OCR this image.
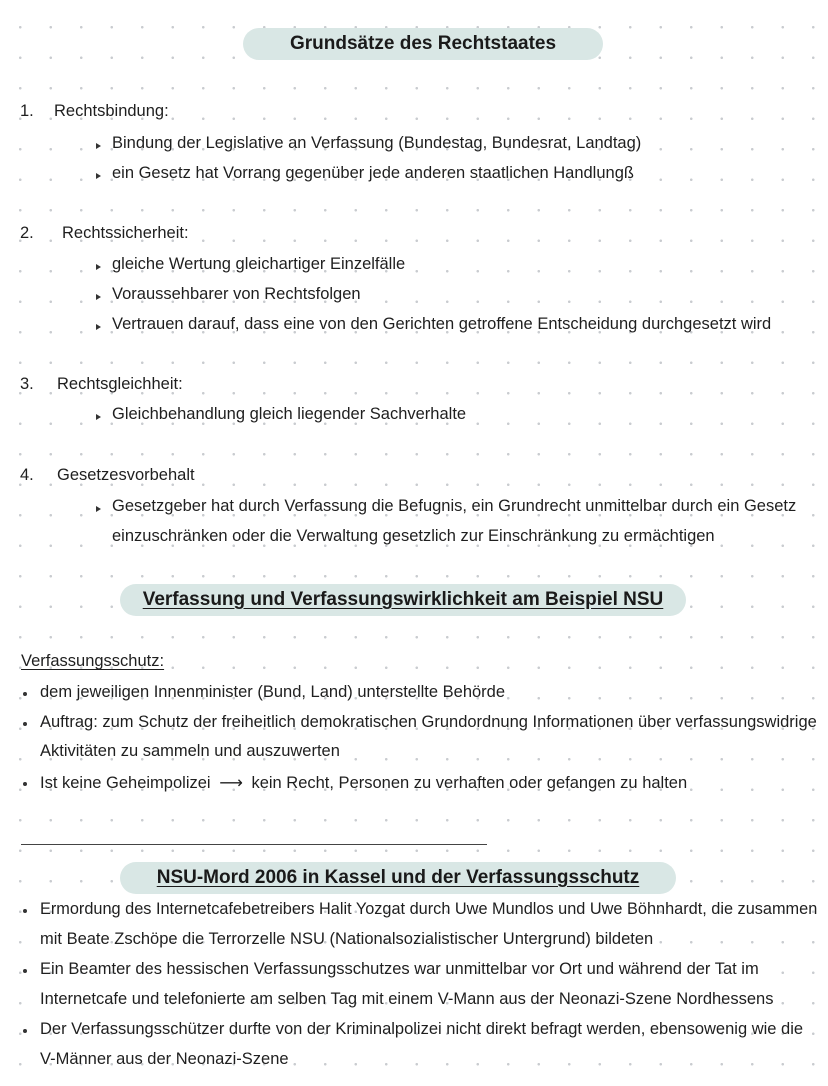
Grundsätze des Rechtstaates
1. Rechtsbindung:
Bindung der Legislative an Verfassung (Bundestag, Bundesrat, Landtag)
ein Gesetz hat Vorrang gegenüber jede anderen staatlichen Handlungß
2. Rechtssicherheit:
gleiche Wertung gleichartiger Einzelfälle
Voraussehbarer von Rechtsfolgen
Vertrauen darauf, dass eine von den Gerichten getroffene Entscheidung durchgesetzt wird
3. Rechtsgleichheit:
Gleichbehandlung gleich liegender Sachverhalte
4. Gesetzesvorbehalt
Gesetzgeber hat durch Verfassung die Befugnis, ein Grundrecht unmittelbar durch ein Gesetz
einzuschränken oder die Verwaltung gesetzlich zur Einschränkung zu ermächtigen
Verfassung und Verfassungswirklichkeit am Beispiel NSU
Verfassungsschutz:
dem jeweiligen Innenminister (Bund, Land) unterstellte Behörde
Auftrag: zum Schutz der freiheitlich demokratischen Grundordnung Informationen über verfassungswidrige
Aktivitäten zu sammeln und auszuwerten
Ist keine Geheimpolizei ⟶ kein Recht, Personen zu verhaften oder gefangen zu halten
NSU-Mord 2006 in Kassel und der Verfassungsschutz
Ermordung des Internetcafebetreibers Halit Yozgat durch Uwe Mundlos und Uwe Böhnhardt, die zusammen
mit Beate Zschöpe die Terrorzelle NSU (Nationalsozialistischer Untergrund) bildeten
Ein Beamter des hessischen Verfassungsschutzes war unmittelbar vor Ort und während der Tat im
Internetcafe und telefonierte am selben Tag mit einem V-Mann aus der Neonazi-Szene Nordhessens
Der Verfassungsschützer durfte von der Kriminalpolizei nicht direkt befragt werden, ebensowenig wie die
V-Männer aus der Neonazi-Szene
